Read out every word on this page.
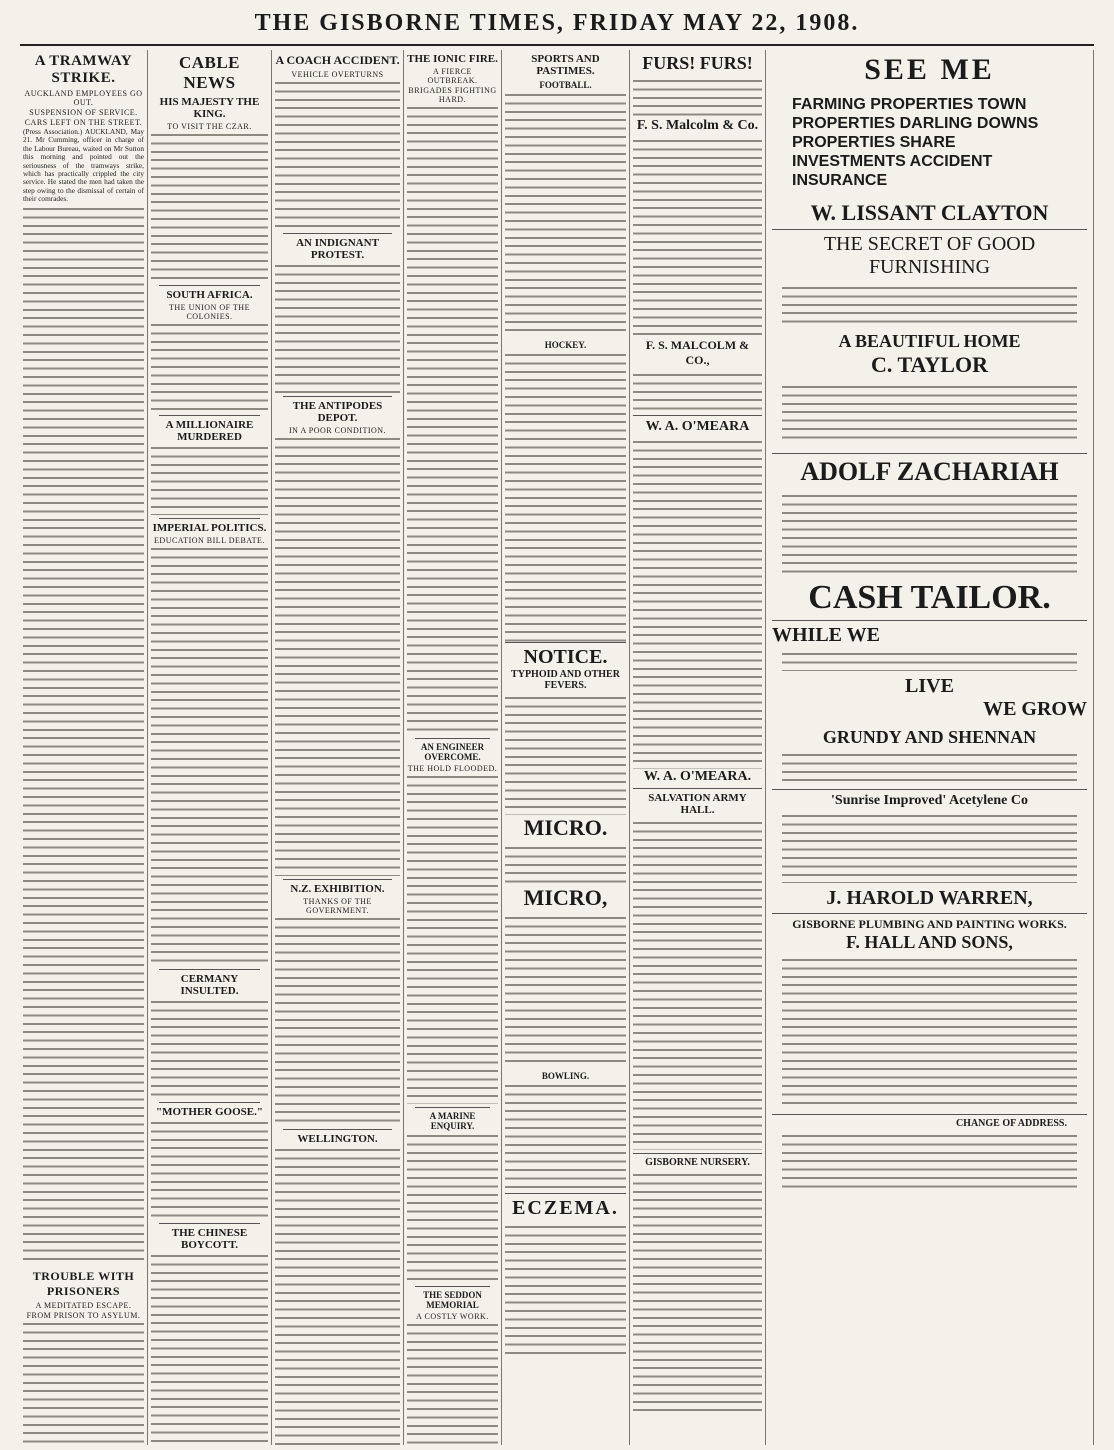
THE GISBORNE TIMES, FRIDAY MAY 22, 1908.
A TRAMWAY STRIKE.
AUCKLAND EMPLOYEES GO OUT.
SUSPENSION OF SERVICE.
CARS LEFT ON THE STREET.

(Press Association.) AUCKLAND, May 21. Mr Cumming, officer in charge of the Labour Bureau, waited on Mr Sutton this morning and pointed out the seriousness of the tramways strike, which has practically crippled the city service. He stated the men had taken the step owing to the dismissal of certain of their comrades.

TROUBLE WITH PRISONERS
A MEDITATED ESCAPE.
FROM PRISON TO ASYLUM.
CABLE NEWS
HIS MAJESTY THE KING.
TO VISIT THE CZAR.
SOUTH AFRICA.
THE UNION OF THE COLONIES.
A MILLIONAIRE MURDERED
IMPERIAL POLITICS.
EDUCATION BILL DEBATE.
CERMANY INSULTED.
"MOTHER GOOSE."
THE CHINESE BOYCOTT.
A COACH ACCIDENT.
VEHICLE OVERTURNS
AN INDIGNANT PROTEST.
THE ANTIPODES DEPOT.
IN A POOR CONDITION.
N.Z. EXHIBITION.
THANKS OF THE GOVERNMENT.
WELLINGTON.
THE IONIC FIRE.
A FIERCE OUTBREAK.
BRIGADES FIGHTING HARD.
AN ENGINEER OVERCOME.
THE HOLD FLOODED.
A MARINE ENQUIRY.
THE SEDDON MEMORIAL
A COSTLY WORK.
SPORTS AND PASTIMES.
FOOTBALL.
HOCKEY.
NOTICE.
TYPHOID AND OTHER FEVERS.
MICRO.
MICRO,
BOWLING.
ECZEMA.
FURS! FURS!
F. S. Malcolm & Co.
F. S. MALCOLM & CO.,
W. A. O'MEARA
W. A. O'MEARA.
SALVATION ARMY HALL.
GISBORNE NURSERY.
SEE ME
FARMING PROPERTIES TOWN PROPERTIES DARLING DOWNS PROPERTIES SHARE INVESTMENTS ACCIDENT INSURANCE
W. LISSANT CLAYTON
THE SECRET OF GOOD FURNISHING
A BEAUTIFUL HOME
C. TAYLOR
ADOLF ZACHARIAH
CASH TAILOR.
WHILE WE
LIVE
WE GROW
GRUNDY AND SHENNAN
'Sunrise Improved' Acetylene Co
J. HAROLD WARREN,
GISBORNE PLUMBING AND PAINTING WORKS.
F. HALL AND SONS,
CHANGE OF ADDRESS.
